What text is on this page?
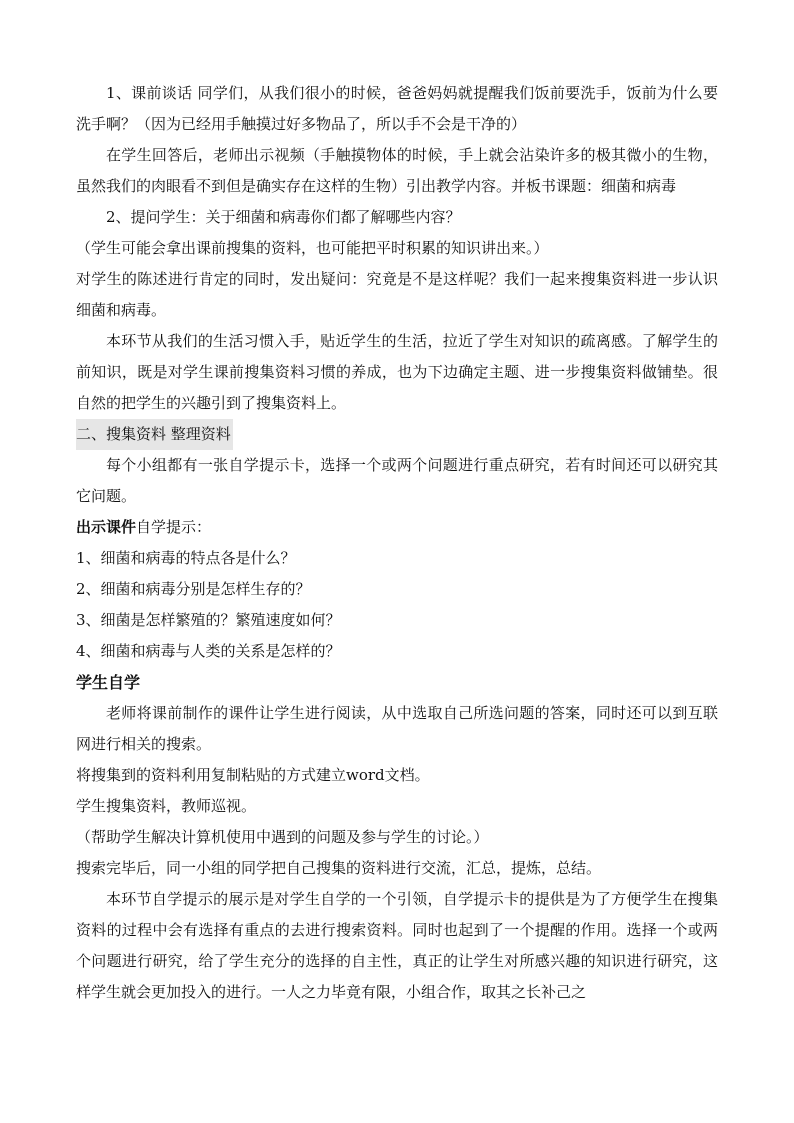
1、课前谈话 同学们，从我们很小的时候，爸爸妈妈就提醒我们饭前要洗手，饭前为什么要洗手啊？（因为已经用手触摸过好多物品了，所以手不会是干净的）

在学生回答后，老师出示视频（手触摸物体的时候，手上就会沾染许多的极其微小的生物，虽然我们的肉眼看不到但是确实存在这样的生物）引出教学内容。并板书课题：细菌和病毒

2、提问学生：关于细菌和病毒你们都了解哪些内容？

（学生可能会拿出课前搜集的资料，也可能把平时积累的知识讲出来。）

对学生的陈述进行肯定的同时，发出疑问：究竟是不是这样呢？我们一起来搜集资料进一步认识细菌和病毒。

本环节从我们的生活习惯入手，贴近学生的生活，拉近了学生对知识的疏离感。了解学生的前知识，既是对学生课前搜集资料习惯的养成，也为下边确定主题、进一步搜集资料做铺垫。很自然的把学生的兴趣引到了搜集资料上。

二、搜集资料 整理资料

每个小组都有一张自学提示卡，选择一个或两个问题进行重点研究，若有时间还可以研究其它问题。

出示课件自学提示：

1、细菌和病毒的特点各是什么？

2、细菌和病毒分别是怎样生存的？

3、细菌是怎样繁殖的？繁殖速度如何？

4、细菌和病毒与人类的关系是怎样的？

学生自学

老师将课前制作的课件让学生进行阅读，从中选取自己所选问题的答案，同时还可以到互联网进行相关的搜索。

将搜集到的资料利用复制粘贴的方式建立word文档。

学生搜集资料，教师巡视。

（帮助学生解决计算机使用中遇到的问题及参与学生的讨论。）

搜索完毕后，同一小组的同学把自己搜集的资料进行交流，汇总，提炼，总结。

本环节自学提示的展示是对学生自学的一个引领，自学提示卡的提供是为了方便学生在搜集资料的过程中会有选择有重点的去进行搜索资料。同时也起到了一个提醒的作用。选择一个或两个问题进行研究，给了学生充分的选择的自主性，真正的让学生对所感兴趣的知识进行研究，这样学生就会更加投入的进行。一人之力毕竟有限，小组合作，取其之长补己之
